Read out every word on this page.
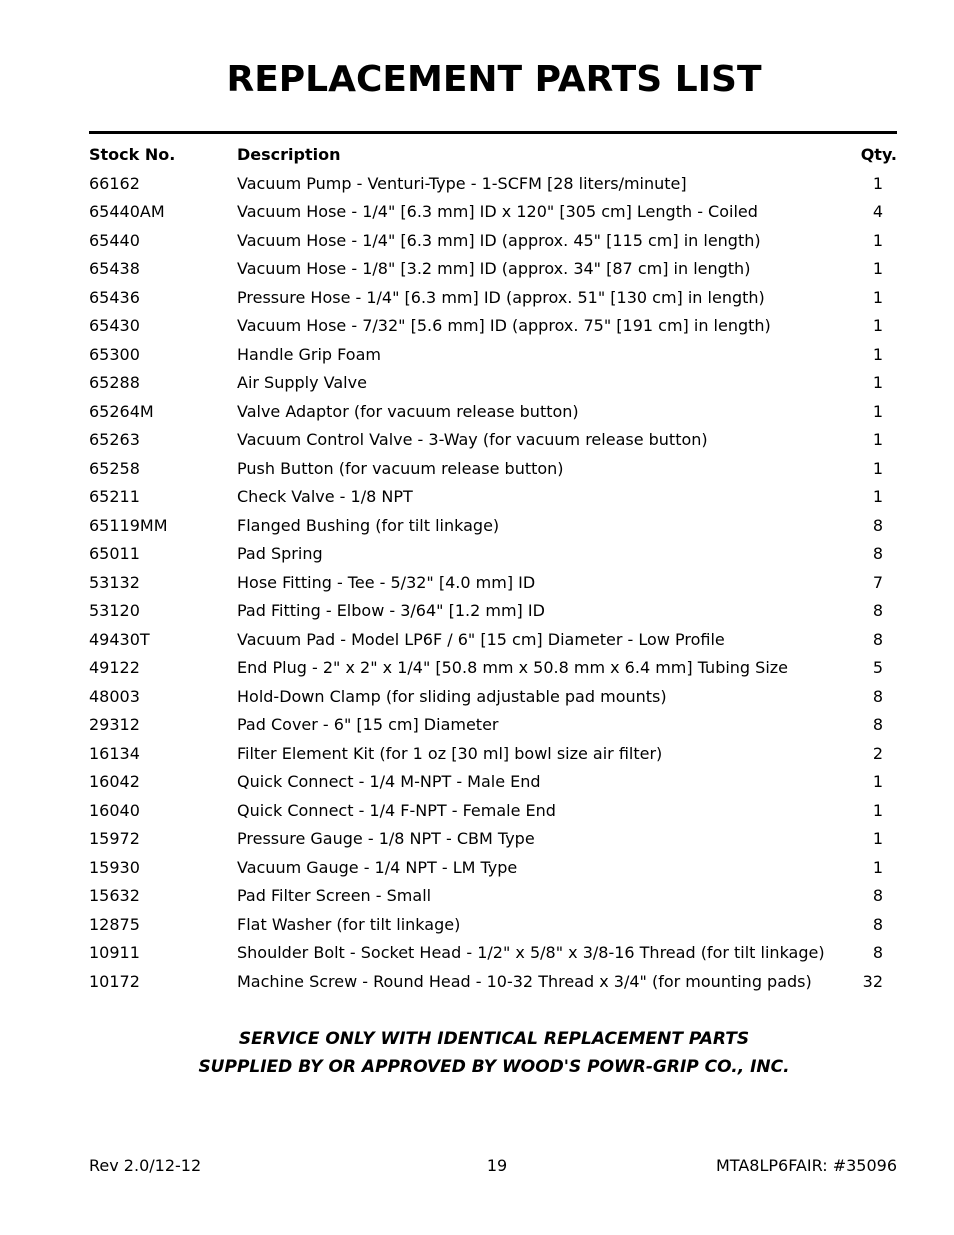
REPLACEMENT PARTS LIST
Stock No.	Description	Qty.
66162	Vacuum Pump - Venturi-Type - 1-SCFM [28 liters/minute]	1
65440AM	Vacuum Hose - 1/4" [6.3 mm] ID x 120" [305 cm] Length - Coiled	4
65440	Vacuum Hose - 1/4" [6.3 mm] ID (approx. 45" [115 cm] in length)	1
65438	Vacuum Hose - 1/8" [3.2 mm] ID (approx. 34" [87 cm] in length)	1
65436	Pressure Hose - 1/4" [6.3 mm] ID (approx. 51" [130 cm] in length)	1
65430	Vacuum Hose - 7/32" [5.6 mm] ID (approx. 75" [191 cm] in length)	1
65300	Handle Grip Foam	1
65288	Air Supply Valve	1
65264M	Valve Adaptor (for vacuum release button)	1
65263	Vacuum Control Valve - 3-Way (for vacuum release button)	1
65258	Push Button (for vacuum release button)	1
65211	Check Valve - 1/8 NPT	1
65119MM	Flanged Bushing (for tilt linkage)	8
65011	Pad Spring	8
53132	Hose Fitting - Tee - 5/32" [4.0 mm] ID	7
53120	Pad Fitting - Elbow - 3/64" [1.2 mm] ID	8
49430T	Vacuum Pad - Model LP6F / 6" [15 cm] Diameter - Low Profile	8
49122	End Plug - 2" x 2" x 1/4" [50.8 mm x 50.8 mm x 6.4 mm] Tubing Size	5
48003	Hold-Down Clamp (for sliding adjustable pad mounts)	8
29312	Pad Cover - 6" [15 cm] Diameter	8
16134	Filter Element Kit (for 1 oz [30 ml] bowl size air filter)	2
16042	Quick Connect - 1/4 M-NPT - Male End	1
16040	Quick Connect - 1/4 F-NPT - Female End	1
15972	Pressure Gauge - 1/8 NPT - CBM Type	1
15930	Vacuum Gauge - 1/4 NPT - LM Type	1
15632	Pad Filter Screen - Small	8
12875	Flat Washer (for tilt linkage)	8
10911	Shoulder Bolt - Socket Head - 1/2" x 5/8" x 3/8-16 Thread (for tilt linkage)	8
10172	Machine Screw - Round Head - 10-32 Thread x 3/4" (for mounting pads)	32
SERVICE ONLY WITH IDENTICAL REPLACEMENT PARTS
SUPPLIED BY OR APPROVED BY WOOD'S POWR-GRIP CO., INC.
Rev 2.0/12-12	19	MTA8LP6FAIR: #35096
